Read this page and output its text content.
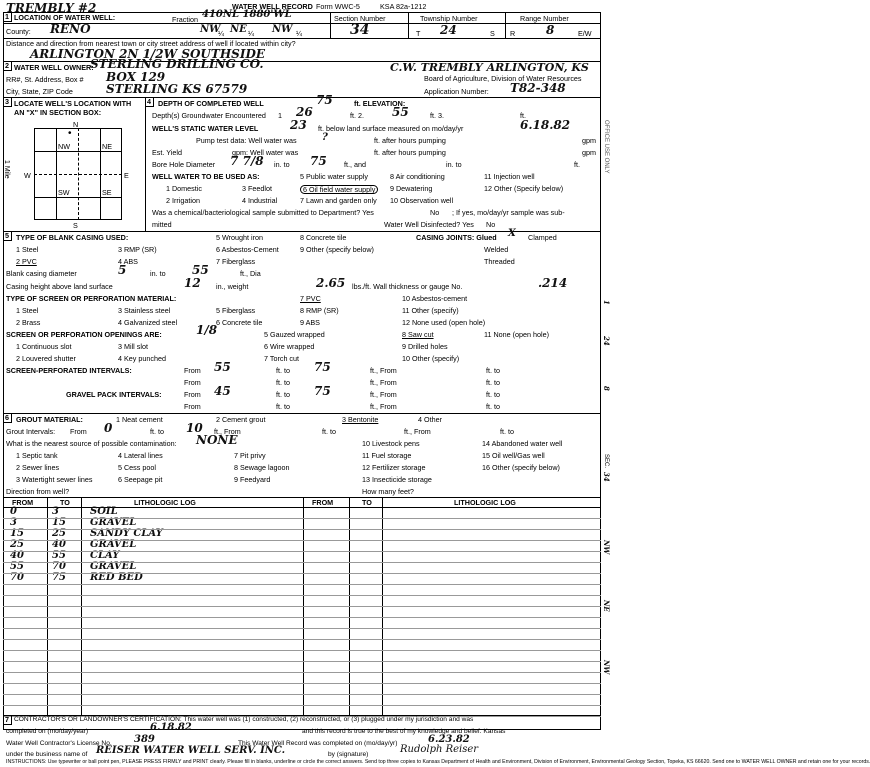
TREMBLY #2	WATER WELL RECORD Form WWC-5	KSA 82a-1212
1 LOCATION OF WATER WELL:	Fraction 410NL 1880'WL	Section Number	Township Number	Range Number
County: RENO	NW
¼ NE ¼ NW ¼	34	T 24	S R	8	E/W
Distance and direction from nearest town or city street address of well if located within city?
ARLINGTON 2N 1/2W SOUTHSIDE
2 WATER WELL OWNER:
STERLING DRILLING CO.	C.W. TREMBLY ARLINGTON, KS
RR#, St. Address, Box # BOX 129	Board of Agriculture, Division of Water Resources
City, State, ZIP Code	STERLING KS 67579	Application Number: T82-348
3 LOCATE WELL'S LOCATION WITH AN "X" IN SECTION BOX:
N
S
W	E
NW	NE
SW	SE
•
1 Mile
4 DEPTH OF COMPLETED WELL	75	ft. ELEVATION:
Depth(s) Groundwater Encountered 1 26	ft. 2. 55	ft. 3.	ft.
WELL'S STATIC WATER LEVEL	23 ft. below land surface measured on mo/day/yr	6.18.82
Pump test data: Well water was	?	ft. after hours pumping	gpm
Est. Yield	gpm: Well water was	ft. after hours pumping	gpm
Bore Hole Diameter 7 7/8 in. to 75 ft., and	in. to	ft.
WELL WATER TO BE USED AS:	5 Public water supply	8 Air conditioning	11 Injection well
1 Domestic	3 Feedlot	6 Oil field water supply	9 Dewatering	12 Other (Specify below)
2 Irrigation	4 Industrial	7 Lawn and garden only 10 Observation well
Was a chemical/bacteriological sample submitted to Department? Yes	No ; If yes, mo/day/yr sample was sub-
mitted	Water Well Disinfected? Yes No
5 TYPE OF BLANK CASING USED:	5 Wrought iron	8 Concrete tile	CASING JOINTS: Glued X Clamped
1 Steel	3 RMP (SR)	6 Asbestos-Cement	9 Other (specify below)	Welded
2 PVC	4 ABS	7 Fiberglass	Threaded
Blank casing diameter	5	in. to 55	ft., Dia
Casing height above land surface	12 in., weight	2.65 lbs./ft. Wall thickness or gauge No.	.214
TYPE OF SCREEN OR PERFORATION MATERIAL:	7 PVC	10 Asbestos-cement
1 Steel	3 Stainless steel	5 Fiberglass	8 RMP (SR)	11 Other (specify)
2 Brass	4 Galvanized steel	6 Concrete tile	9 ABS	12 None used (open hole)
SCREEN OR PERFORATION OPENINGS ARE:	1/8	5 Gauzed wrapped	8 Saw cut	11 None (open hole)
1 Continuous slot	3 Mill slot	6 Wire wrapped	9 Drilled holes
2 Louvered shutter	4 Key punched	7 Torch cut	10 Other (specify)
SCREEN-PERFORATED INTERVALS:	From 55	ft. to 75	ft., From	ft. to
From	ft. to	ft., From	ft. to
GRAVEL PACK INTERVALS:	From 45	ft. to 75	ft., From	ft. to
From	ft. to	ft., From	ft. to
6 GROUT MATERIAL:	1 Neat cement	2 Cement grout	3 Bentonite	4 Other
Grout Intervals: From 0	ft. to 10 ft., From	ft. to	ft., From	ft. to
What is the nearest source of possible contamination: NONE	10 Livestock pens	14 Abandoned water well
1 Septic tank	4 Lateral lines	7 Pit privy	11 Fuel storage	15 Oil well/Gas well
2 Sewer lines	5 Cess pool	8 Sewage lagoon	12 Fertilizer storage	16 Other (specify below)
3 Watertight sewer lines	6 Seepage pit	9 Feedyard	13 Insecticide storage
Direction from well?	How many feet?
FROM	TO	LITHOLOGIC LOG	FROM	TO	LITHOLOGIC LOG
0	3	SOIL
3	15 GRAVEL
15	25 SANDY CLAY
25	40 GRAVEL
40	55 CLAY
55	70 GRAVEL
70	75 RED BED
7 CONTRACTOR'S OR LANDOWNER'S CERTIFICATION: This water well was (1) constructed, (2) reconstructed, or (3) plugged under my jurisdiction and was
completed on (mo/day/year)	6.18.82	and this record is true to the best of my knowledge and belief. Kansas
Water Well Contractor's License No. 389	This Water Well Record was completed on (mo/day/yr)	6.23.82
under the business name of REISER WATER WELL SERV. INC.	by (signature)	Rudolph Reiser
INSTRUCTIONS: Use typewriter or ball point pen, PLEASE PRESS FIRMLY and PRINT clearly. Please fill in blanks, underline or circle the correct answers. Send top three copies to Kansas Department of Health and Environment, Division of Environment, Environmental Geology Section, Topeka, KS 66620. Send one to WATER WELL OWNER and retain one for your records.
OFFICE USE ONLY
1
24
8
SEC.
34
NW
NE
NW
